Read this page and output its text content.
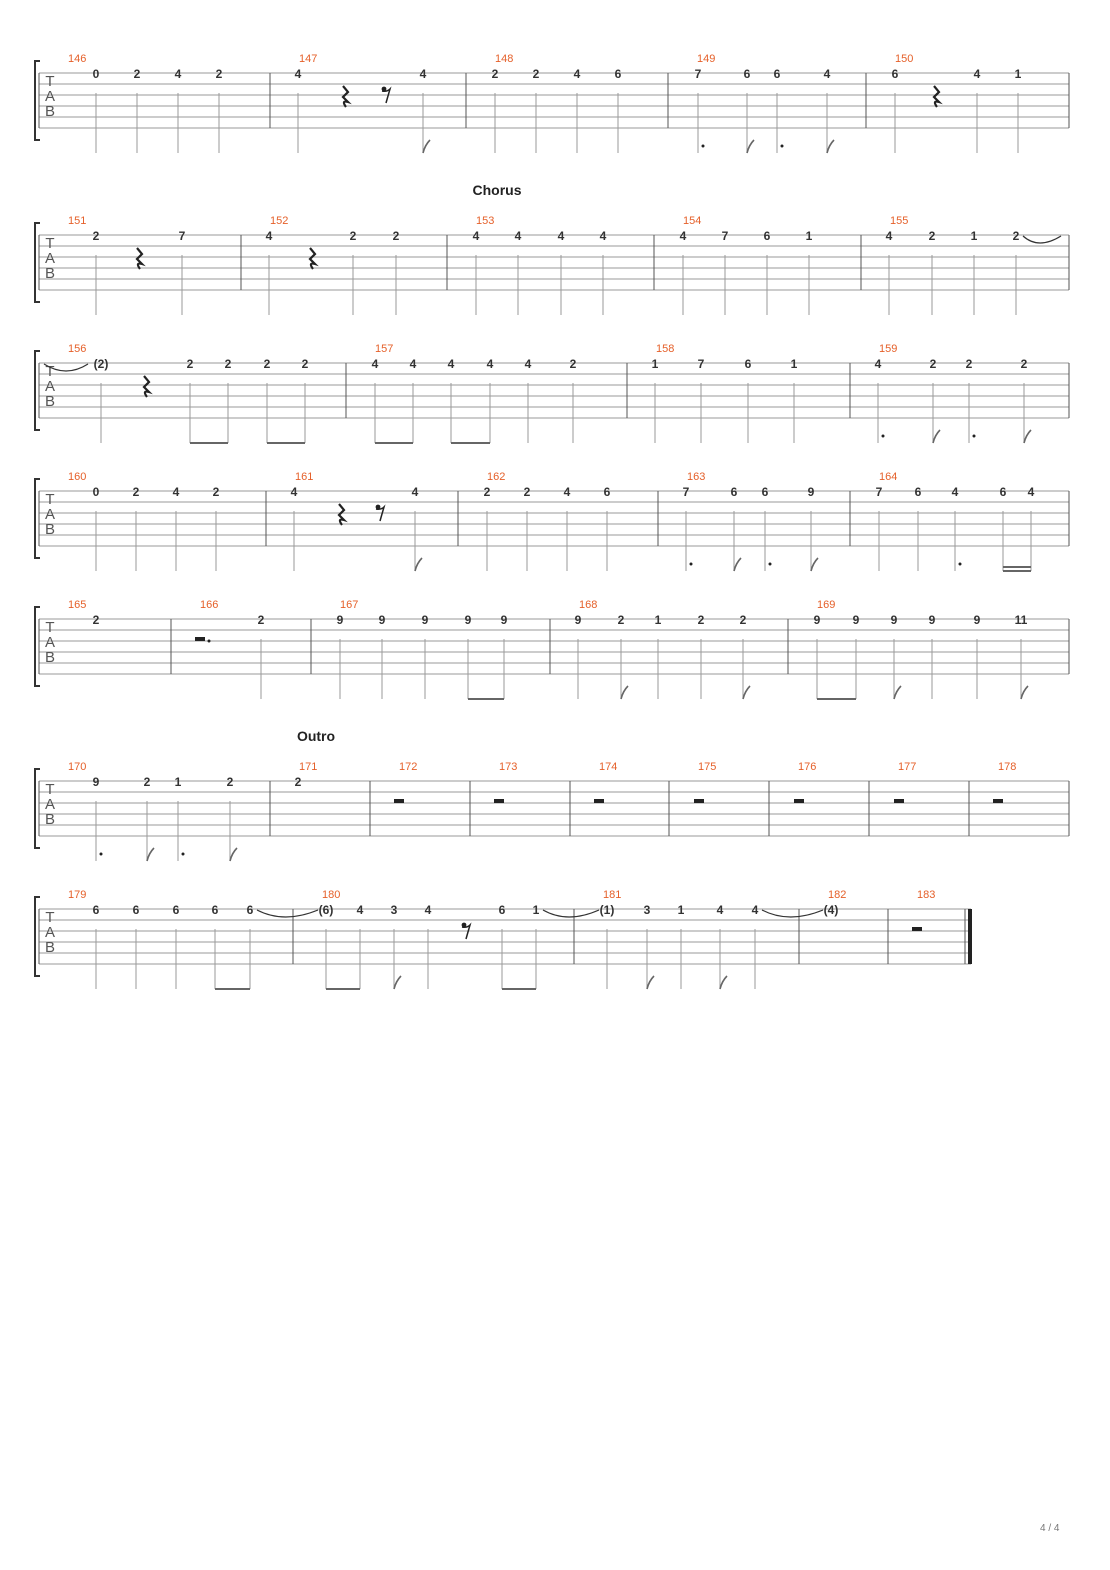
T
A
B
146
0	2	4	2
147
4	4
148
2	2	4	6
149
7	6 6	4
150
6	4	1
Chorus
T
A
B
151
2	7
152
4	2	2
153
4	4	4	4
154
4	7	6	1
155
4	2	1	2
T
A
B
156
(2)	2	2	2	2
157
4	4	4	4	4	2
158
1	7	6	1
159
4	2 2	2
T
A
B
160
0	2	4	2
161
4	4
162
2	2	4	6
163
7	6 6	9
164
7	6	4	6 4
T
A
B
165
2
166
2
167
9	9	9	9 9
168
9	2	1	2	2
169
9	9	9	9	9	11
Outro
T
A
B
170
9	2 1	2
171
2
172	173	174	175	176	177	178
T
A
B
179
6	6	6	6 6
180
(6) 4 3 4	6 1
181
(1) 3 1	4 4
182
(4)
183
4 / 4
